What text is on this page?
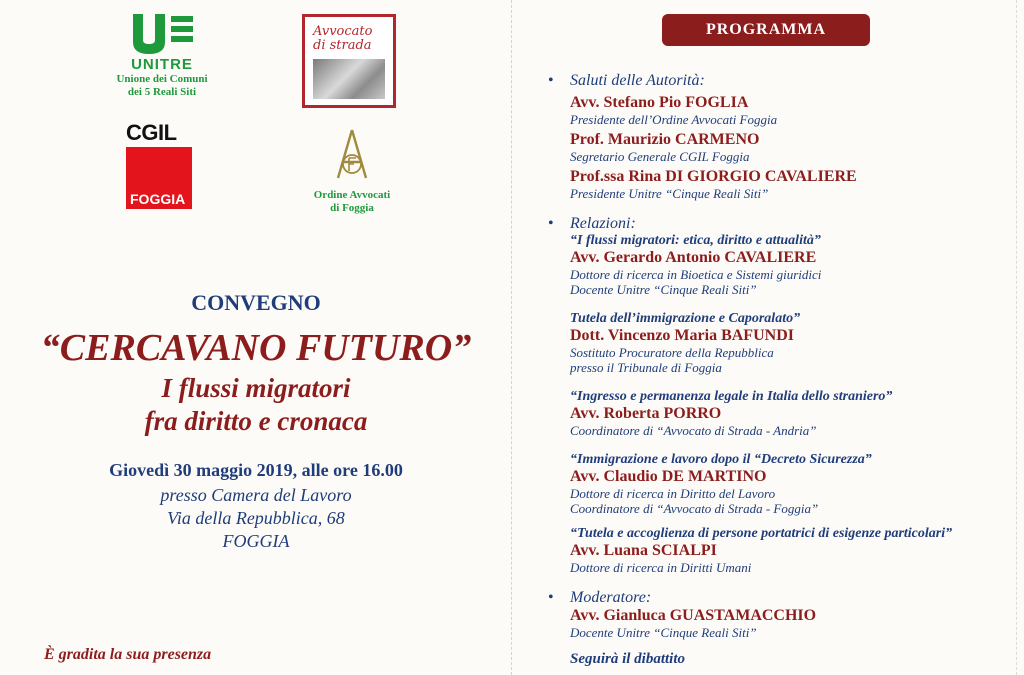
UNITRE
Unione dei Comuni
dei 5 Reali Siti
Avvocato
di strada
CGIL
FOGGIA	Ordine Avvocati
di Foggia
CONVEGNO
“CERCAVANO FUTURO”
I flussi migratori
fra diritto e cronaca
Giovedì 30 maggio 2019, alle ore 16.00
presso Camera del Lavoro
Via della Repubblica, 68
FOGGIA
È gradita la sua presenza
PROGRAMMA
• Saluti delle Autorità:
Avv. Stefano Pio FOGLIA
Presidente dell’Ordine Avvocati Foggia
Prof. Maurizio CARMENO
Segretario Generale CGIL Foggia
Prof.ssa Rina DI GIORGIO CAVALIERE
Presidente Unitre “Cinque Reali Siti”
• Relazioni:
“I flussi migratori: etica, diritto e attualità”
Avv. Gerardo Antonio CAVALIERE
Dottore di ricerca in Bioetica e Sistemi giuridici
Docente Unitre “Cinque Reali Siti”
Tutela dell’immigrazione e Caporalato”
Dott. Vincenzo Maria BAFUNDI
Sostituto Procuratore della Repubblica
presso il Tribunale di Foggia
“Ingresso e permanenza legale in Italia dello straniero”
Avv. Roberta PORRO
Coordinatore di “Avvocato di Strada - Andria”
“Immigrazione e lavoro dopo il “Decreto Sicurezza”
Avv. Claudio DE MARTINO
Dottore di ricerca in Diritto del Lavoro
Coordinatore di “Avvocato di Strada - Foggia”
“Tutela e accoglienza di persone portatrici di esigenze particolari”
Avv. Luana SCIALPI
Dottore di ricerca in Diritti Umani
• Moderatore:
Avv. Gianluca GUASTAMACCHIO
Docente Unitre “Cinque Reali Siti”
Seguirà il dibattito
